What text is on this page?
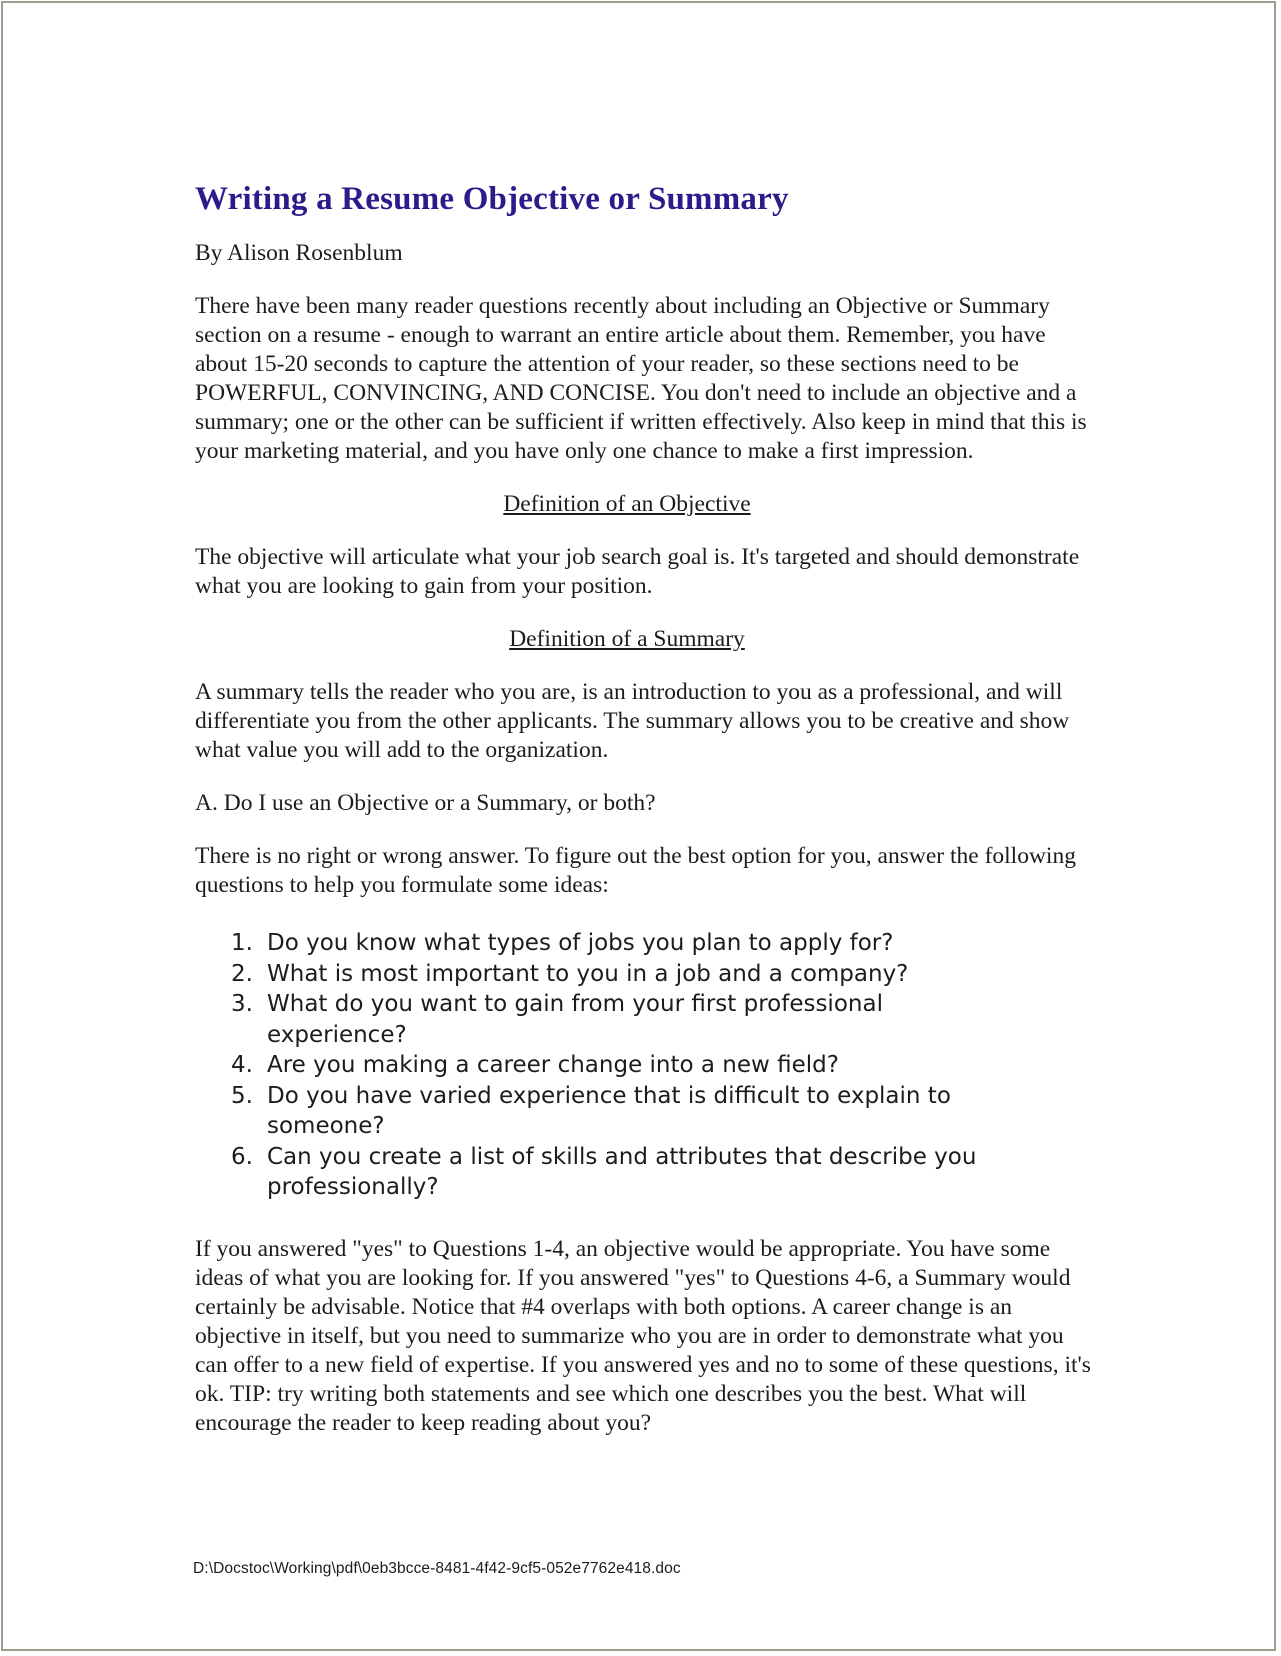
Writing a Resume Objective or Summary

By Alison Rosenblum

There have been many reader questions recently about including an Objective or Summary section on a resume - enough to warrant an entire article about them. Remember, you have about 15-20 seconds to capture the attention of your reader, so these sections need to be POWERFUL, CONVINCING, AND CONCISE. You don't need to include an objective and a summary; one or the other can be sufficient if written effectively. Also keep in mind that this is your marketing material, and you have only one chance to make a first impression.

Definition of an Objective

The objective will articulate what your job search goal is. It's targeted and should demonstrate what you are looking to gain from your position.

Definition of a Summary

A summary tells the reader who you are, is an introduction to you as a professional, and will differentiate you from the other applicants. The summary allows you to be creative and show what value you will add to the organization.

A. Do I use an Objective or a Summary, or both?

There is no right or wrong answer. To figure out the best option for you, answer the following questions to help you formulate some ideas:

1. Do you know what types of jobs you plan to apply for?
2. What is most important to you in a job and a company?
3. What do you want to gain from your first professional experience?
4. Are you making a career change into a new field?
5. Do you have varied experience that is difficult to explain to someone?
6. Can you create a list of skills and attributes that describe you professionally?

If you answered "yes" to Questions 1-4, an objective would be appropriate. You have some ideas of what you are looking for. If you answered "yes" to Questions 4-6, a Summary would certainly be advisable. Notice that #4 overlaps with both options. A career change is an objective in itself, but you need to summarize who you are in order to demonstrate what you can offer to a new field of expertise. If you answered yes and no to some of these questions, it's ok. TIP: try writing both statements and see which one describes you the best. What will encourage the reader to keep reading about you?

D:\Docstoc\Working\pdf\0eb3bcce-8481-4f42-9cf5-052e7762e418.doc
